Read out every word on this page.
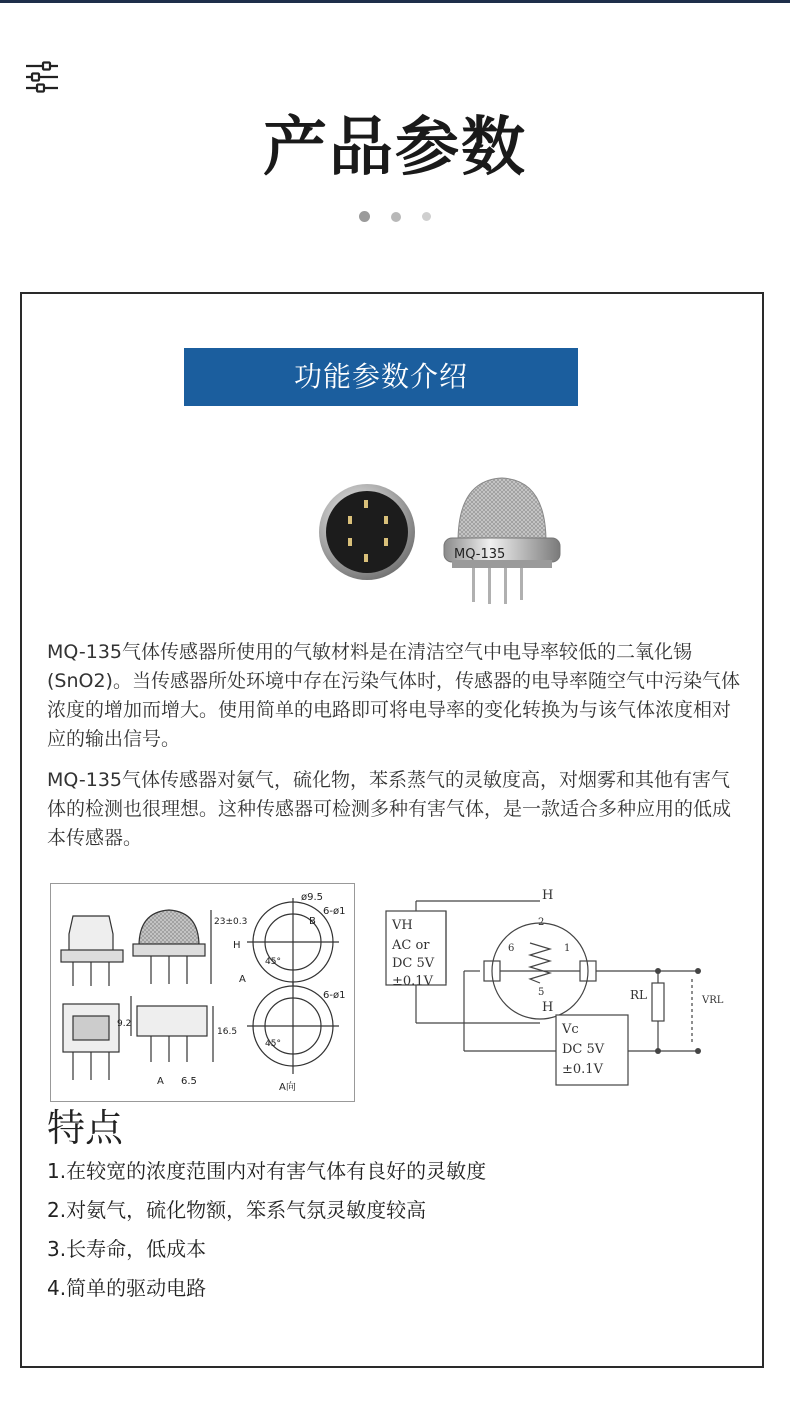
产品参数

功能参数介绍
MQ-135
MQ-135气体传感器所使用的气敏材料是在清洁空气中电导率较低的二氧化锡(SnO2)。当传感器所处环境中存在污染气体时，传感器的电导率随空气中污染气体浓度的增加而增大。使用简单的电路即可将电导率的变化转换为与该气体浓度相对应的输出信号。
MQ-135气体传感器对氨气，硫化物，苯系蒸气的灵敏度高，对烟雾和其他有害气体的检测也很理想。这种传感器可检测多种有害气体，是一款适合多种应用的低成本传感器。
ø9.5
6-ø1
6-ø1
23±0.3
9.2
16.5
6.5
45°
45°
A
B
H
A
A向
VH
AC or
DC 5V
±0.1V
Vc
DC 5V
±0.1V
H
H
2
5
6	1
RL	VRL
特点
1.在较宽的浓度范围内对有害气体有良好的灵敏度
2.对氨气，硫化物额，笨系气氛灵敏度较高
3.长寿命，低成本
4.简单的驱动电路
